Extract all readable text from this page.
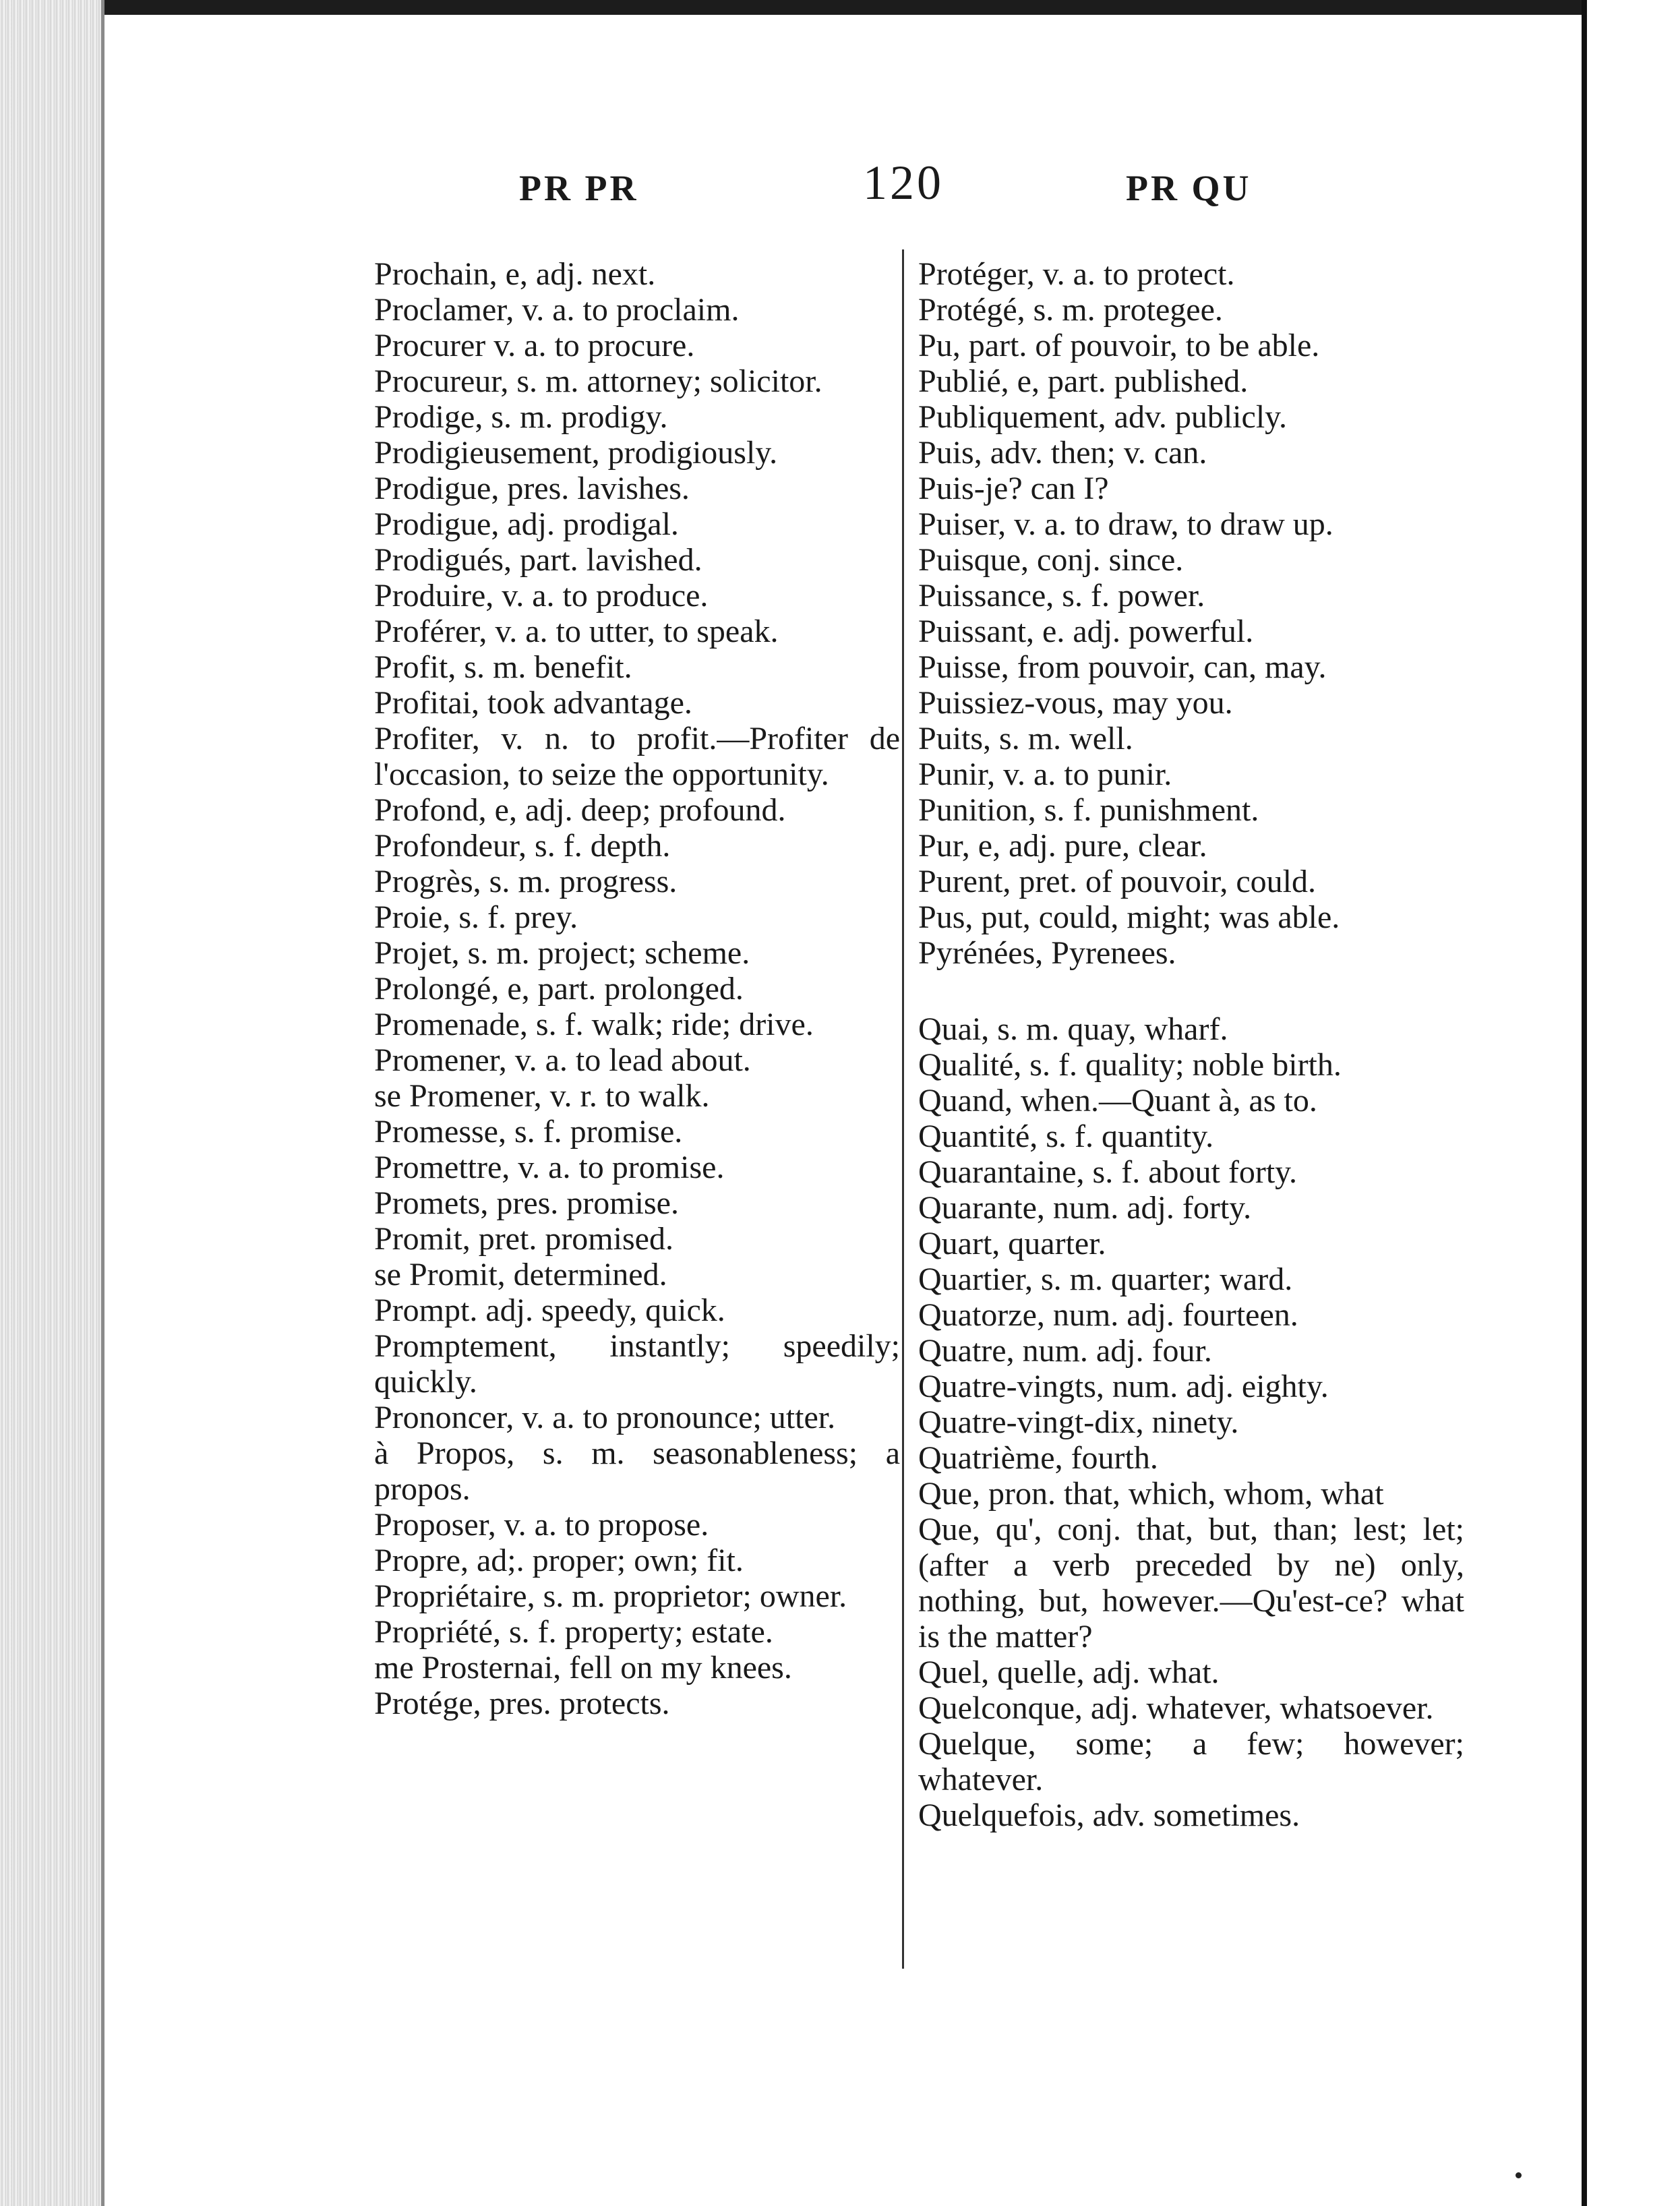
PR PR	120	PR QU
Prochain, e, adj. next.
Proclamer, v. a. to proclaim.
Procurer v. a. to procure.
Procureur, s. m. attorney; solicitor.
Prodige, s. m. prodigy.
Prodigieusement, prodigiously.
Prodigue, pres. lavishes.
Prodigue, adj. prodigal.
Prodigués, part. lavished.
Produire, v. a. to produce.
Proférer, v. a. to utter, to speak.
Profit, s. m. benefit.
Profitai, took advantage.
Profiter, v. n. to profit.—Profiter de l'occasion, to seize the opportunity.
Profond, e, adj. deep; profound.
Profondeur, s. f. depth.
Progrès, s. m. progress.
Proie, s. f. prey.
Projet, s. m. project; scheme.
Prolongé, e, part. prolonged.
Promenade, s. f. walk; ride; drive.
Promener, v. a. to lead about.
se Promener, v. r. to walk.
Promesse, s. f. promise.
Promettre, v. a. to promise.
Promets, pres. promise.
Promit, pret. promised.
se Promit, determined.
Prompt. adj. speedy, quick.
Promptement, instantly; speedily; quickly.
Prononcer, v. a. to pronounce; utter.
à Propos, s. m. seasonableness; a propos.
Proposer, v. a. to propose.
Propre, ad;. proper; own; fit.
Propriétaire, s. m. proprietor; owner.
Propriété, s. f. property; estate.
me Prosternai, fell on my knees.
Protége, pres. protects.
Protéger, v. a. to protect.
Protégé, s. m. protegee.
Pu, part. of pouvoir, to be able.
Publié, e, part. published.
Publiquement, adv. publicly.
Puis, adv. then; v. can.
Puis-je? can I?
Puiser, v. a. to draw, to draw up.
Puisque, conj. since.
Puissance, s. f. power.
Puissant, e. adj. powerful.
Puisse, from pouvoir, can, may.
Puissiez-vous, may you.
Puits, s. m. well.
Punir, v. a. to punir.
Punition, s. f. punishment.
Pur, e, adj. pure, clear.
Purent, pret. of pouvoir, could.
Pus, put, could, might; was able.
Pyrénées, Pyrenees.
Quai, s. m. quay, wharf.
Qualité, s. f. quality; noble birth.
Quand, when.—Quant à, as to.
Quantité, s. f. quantity.
Quarantaine, s. f. about forty.
Quarante, num. adj. forty.
Quart, quarter.
Quartier, s. m. quarter; ward.
Quatorze, num. adj. fourteen.
Quatre, num. adj. four.
Quatre-vingts, num. adj. eighty.
Quatre-vingt-dix, ninety.
Quatrième, fourth.
Que, pron. that, which, whom, what
Que, qu', conj. that, but, than; lest; let; (after a verb preceded by ne) only, nothing, but, however.—Qu'est-ce? what is the matter?
Quel, quelle, adj. what.
Quelconque, adj. whatever, whatsoever.
Quelque, some; a few; however; whatever.
Quelquefois, adv. sometimes.
